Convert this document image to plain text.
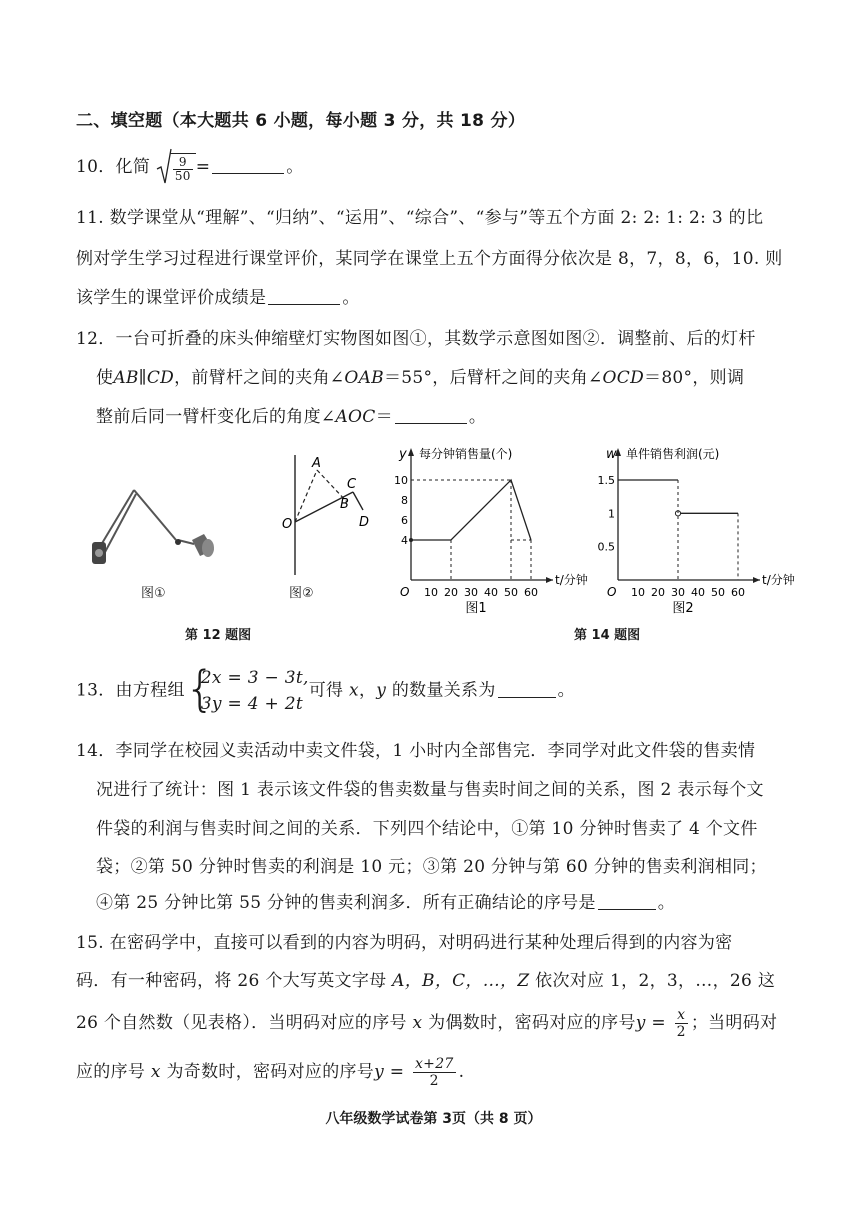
二、填空题（本大题共 6 小题，每小题 3 分，共 18 分）
10．化简 $\frac{9}{50}$ =	。
11. 数学课堂从“理解”、“归纳”、“运用”、“综合”、“参与”等五个方面 2: 2: 1: 2: 3 的比
例对学生学习过程进行课堂评价，某同学在课堂上五个方面得分依次是 8，7，8，6，10. 则
该学生的课堂评价成绩是	。
12．一台可折叠的床头伸缩壁灯实物图如图①，其数学示意图如图②．调整前、后的灯杆
使AB∥CD，前臂杆之间的夹角∠OAB＝55°，后臂杆之间的夹角∠OCD＝80°，则调
整前后同一臂杆变化后的角度∠AOC＝	。
图①
A
C
B
O	D
图②
第 12 题图
y 每分钟销售量(个)
t/分钟
O 10 20 30 40 50 60
4
6
8
10
图1
w 单件销售利润(元)
t/分钟
O 10 20 30 40 50 60
0.5
1
1.5
图2
第 14 题图
13．由方程组 {
2x = 3 − 3t,
3y = 4 + 2t
可得 x，y 的数量关系为	。
14．李同学在校园义卖活动中卖文件袋，1 小时内全部售完．李同学对此文件袋的售卖情
况进行了统计：图 1 表示该文件袋的售卖数量与售卖时间之间的关系，图 2 表示每个文
件袋的利润与售卖时间之间的关系．下列四个结论中，①第 10 分钟时售卖了 4 个文件
袋；②第 50 分钟时售卖的利润是 10 元；③第 20 分钟与第 60 分钟的售卖利润相同；
④第 25 分钟比第 55 分钟的售卖利润多．所有正确结论的序号是	。
15. 在密码学中，直接可以看到的内容为明码，对明码进行某种处理后得到的内容为密
码．有一种密码，将 26 个大写英文字母 A，B，C，…，Z 依次对应 1，2，3，…，26 这
26 个自然数（见表格）．当明码对应的序号 x 为偶数时，密码对应的序号$y = \frac{x}{2}$ ；当明码对
应的序号 x 为奇数时，密码对应的序号$y = \frac{x+27}{2}$ .
八年级数学试卷第 3页（共 8 页）
